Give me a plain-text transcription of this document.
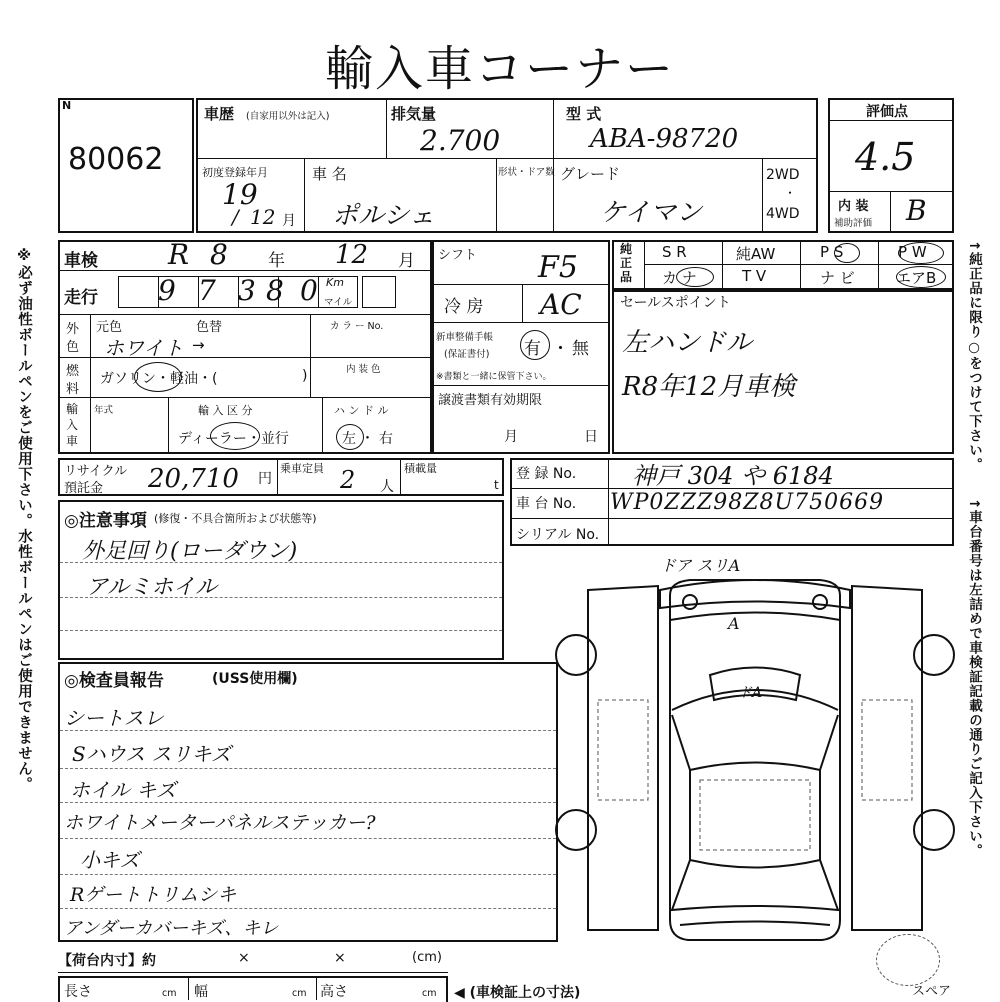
輸入車コーナー
※必ず油性ボールペンをご使用下さい。水性ボールペンはご使用できません。	↑純正品に限り○をつけて下さい。
↑車台番号は左詰めで車検証記載の通りご記入下さい。
N
80062
車歴 (自家用以外は記入)	排気量
2.700
型 式
ABA-98720
初度登録年月
19
/ 12 月
車 名
ポルシェ
形状・ドア数 グレード
ケイマン
2WD
・
4WD
評価点
4.5
内 装
補助評価 B
車検	R 8 年 12 月
走行 9 7 3 8 0 Km
マイル
外
色
元色	色替	カ ラ ー No.
ホワイト →
燃
料
ガソリン・軽油・(	)	内 装 色
輸
入
車
年式	輸 入 区 分	ハ ン ド ル
ディーラー・並行	左 ・ 右
シフト F5
冷 房 AC
新車整備手帳
(保証書付) 有 ・ 無
※書類と一緒に保管下さい。
譲渡書類有効期限
月	日
純
正
品
S R	純AW	P S	P W
カ ナ	T V	ナ ビ	エアB
セールスポイント
左ハンドル
R8年12月車検
リサイクル
預託金 20,710 円
乗車定員 2 人
積載量
t
登 録 No. 神戸 304 や 6184
車 台 No. WP0ZZZ98Z8U750669
シリアル No.
◎注意事項 (修復・不具合箇所および状態等)
外足回り(ローダウン)
アルミホイル
◎検査員報告	(USS使用欄)
シートスレ
Sハウス スリキズ
ホイル キズ
ホワイトメーターパネルステッカー?
小キズ
Rゲートトリムシキ
アンダーカバーキズ、キレ
ドア スリA
A
ドA
スペア
【荷台内寸】約	×	×	(cm)
長さ	cm 幅	cm 高さ	cm ◀ (車検証上の寸法)
